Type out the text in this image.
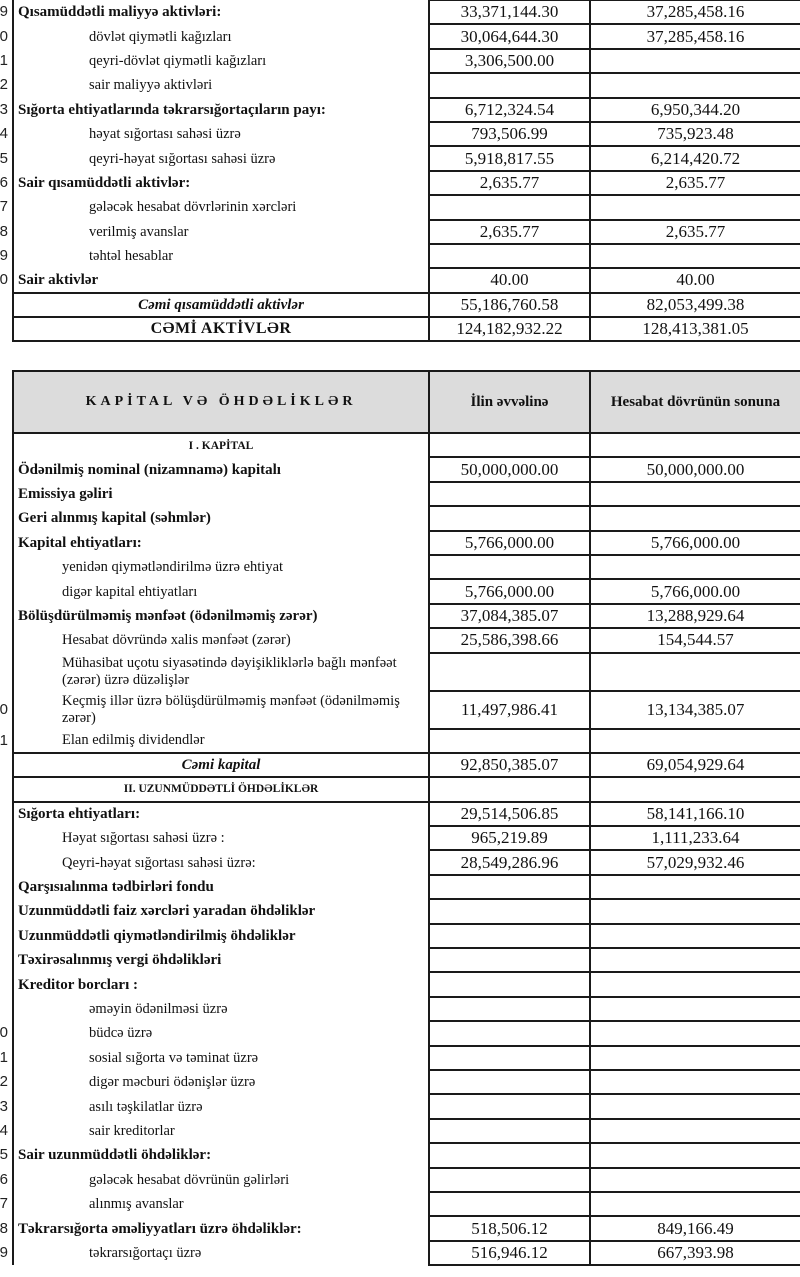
Qısamüddətli maliyyə aktivləri:	33,371,144.30	37,285,458.16
dövlət qiymətli kağızları	30,064,644.30	37,285,458.16
qeyri-dövlət qiymətli kağızları	3,306,500.00	
sair maliyyə aktivləri		
Sığorta ehtiyatlarında təkrarsığortaçıların payı:	6,712,324.54	6,950,344.20
həyat sığortası sahəsi üzrə	793,506.99	735,923.48
qeyri-həyat sığortası sahəsi üzrə	5,918,817.55	6,214,420.72
Sair qısamüddətli aktivlər:	2,635.77	2,635.77
gələcək hesabat dövrlərinin xərcləri		
verilmiş avanslar	2,635.77	2,635.77
təhtəl hesablar		
Sair aktivlər	40.00	40.00
Cəmi qısamüddətli aktivlər	55,186,760.58	82,053,499.38
CƏMİ AKTİVLƏR	124,182,932.22	128,413,381.05
KAPİTAL VƏ ÖHDƏLİKLƏR	İlin əvvəlinə	Hesabat dövrünün sonuna
I . KAPİTAL		
Ödənilmiş nominal (nizamnamə) kapitalı	50,000,000.00	50,000,000.00
Emissiya gəliri		
Geri alınmış kapital (səhmlər)		
Kapital ehtiyatları:	5,766,000.00	5,766,000.00
yenidən qiymətləndirilmə üzrə ehtiyat		
digər kapital ehtiyatları	5,766,000.00	5,766,000.00
Bölüşdürülməmiş mənfəət (ödənilməmiş zərər)	37,084,385.07	13,288,929.64
Hesabat dövründə xalis mənfəət (zərər)	25,586,398.66	154,544.57
Mühasibat uçotu siyasətində dəyişikliklərlə bağlı mənfəət (zərər) üzrə düzəlişlər		
Keçmiş illər üzrə bölüşdürülməmiş mənfəət (ödənilməmiş zərər)	11,497,986.41	13,134,385.07
Elan edilmiş dividendlər		
Cəmi kapital	92,850,385.07	69,054,929.64
II. UZUNMÜDDƏTLİ ÖHDƏLİKLƏR		
Sığorta ehtiyatları:	29,514,506.85	58,141,166.10
Həyat sığortası sahəsi üzrə :	965,219.89	1,111,233.64
Qeyri-həyat sığortası sahəsi üzrə:	28,549,286.96	57,029,932.46
Qarşısıalınma tədbirləri fondu		
Uzunmüddətli faiz xərcləri yaradan öhdəliklər		
Uzunmüddətli qiymətləndirilmiş öhdəliklər		
Təxirəsalınmış vergi öhdəlikləri		
Kreditor borcları :		
əməyin ödənilməsi üzrə		
büdcə üzrə		
sosial sığorta və təminat üzrə		
digər məcburi ödənişlər üzrə		
asılı təşkilatlar üzrə		
sair kreditorlar		
Sair uzunmüddətli öhdəliklər:		
gələcək hesabat dövrünün gəlirləri		
alınmış avanslar		
Təkrarsığorta əməliyyatları üzrə öhdəliklər:	518,506.12	849,166.49
təkrarsığortaçı üzrə	516,946.12	667,393.98
9
0
1
2
3
4
5
6
7
8
9
0
0
1
0
1
2
3
4
5
6
7
8
9
